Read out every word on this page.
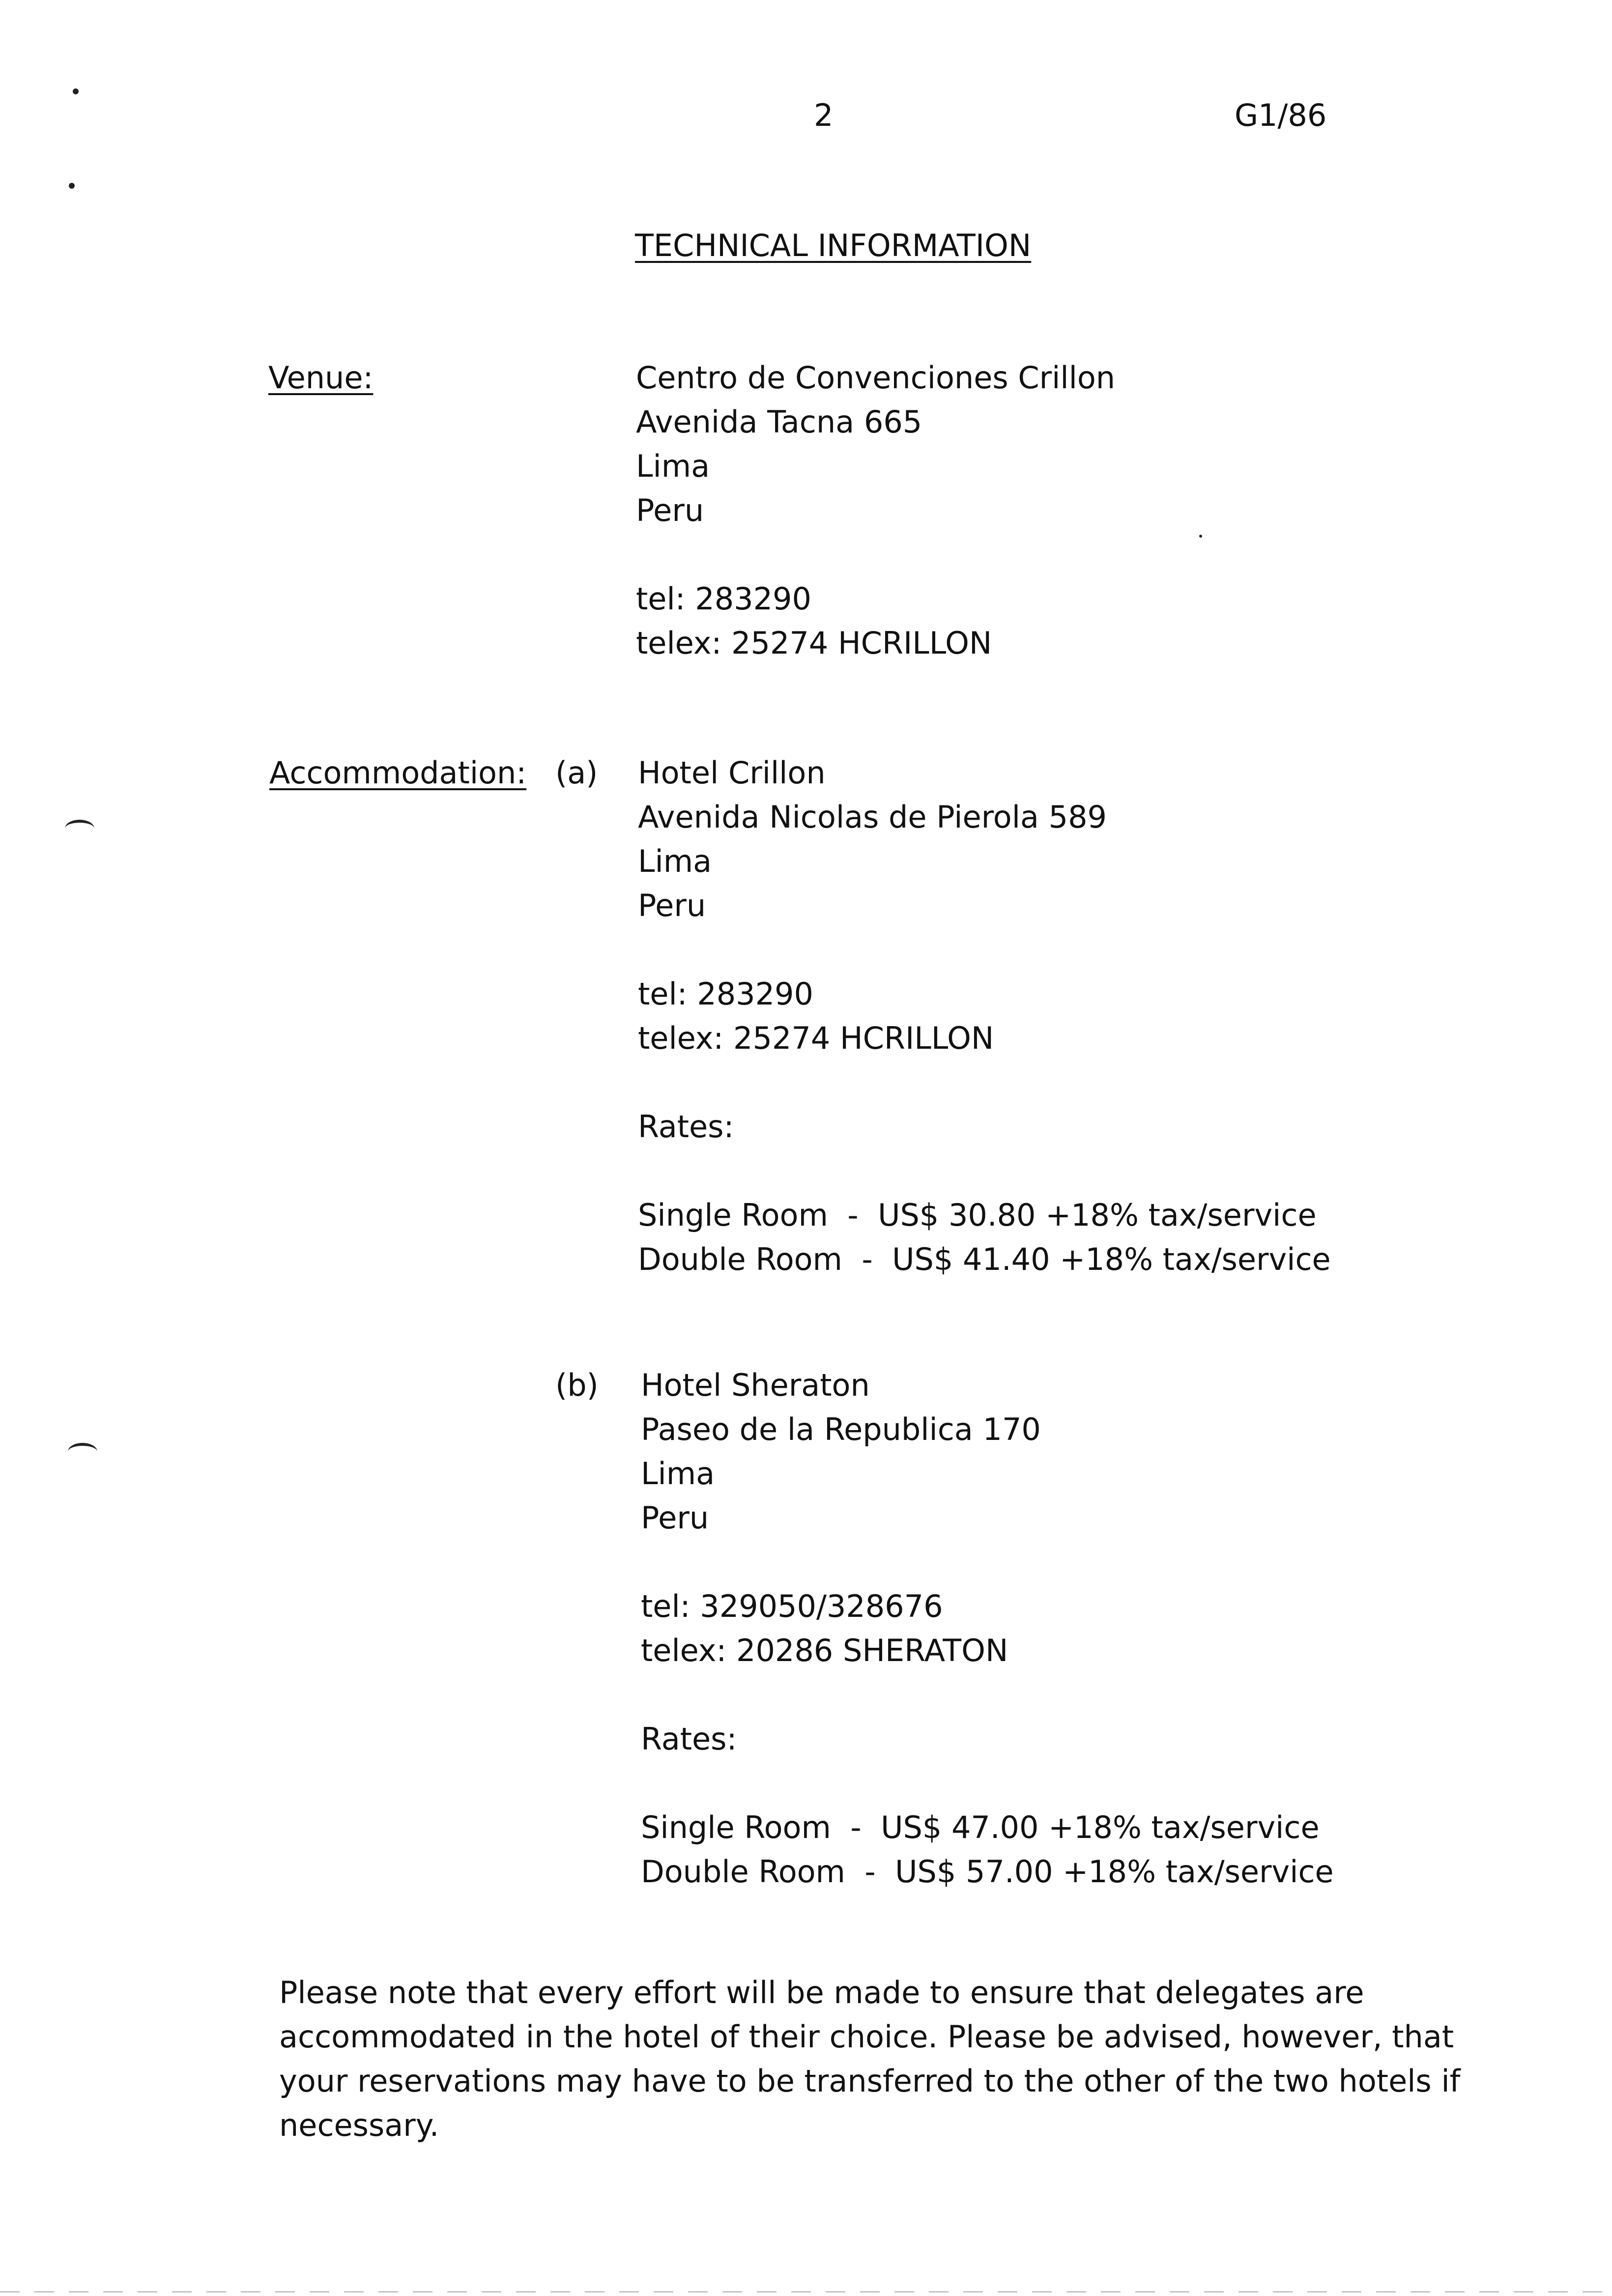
2	G1/86
TECHNICAL INFORMATION
Venue:	Centro de Convenciones Crillon
Avenida Tacna 665
Lima
Peru
tel: 283290
telex: 25274 HCRILLON
Accommodation: (a) Hotel Crillon
Avenida Nicolas de Pierola 589
Lima
Peru
tel: 283290
telex: 25274 HCRILLON
Rates:
Single Room  -  US$ 30.80 +18% tax/service
Double Room  -  US$ 41.40 +18% tax/service
(b) Hotel Sheraton
Paseo de la Republica 170
Lima
Peru
tel: 329050/328676
telex: 20286 SHERATON
Rates:
Single Room  -  US$ 47.00 +18% tax/service
Double Room  -  US$ 57.00 +18% tax/service
Please note that every effort will be made to ensure that delegates are accommodated in the hotel of their choice. Please be advised, however, that your reservations may have to be transferred to the other of the two hotels if necessary.
